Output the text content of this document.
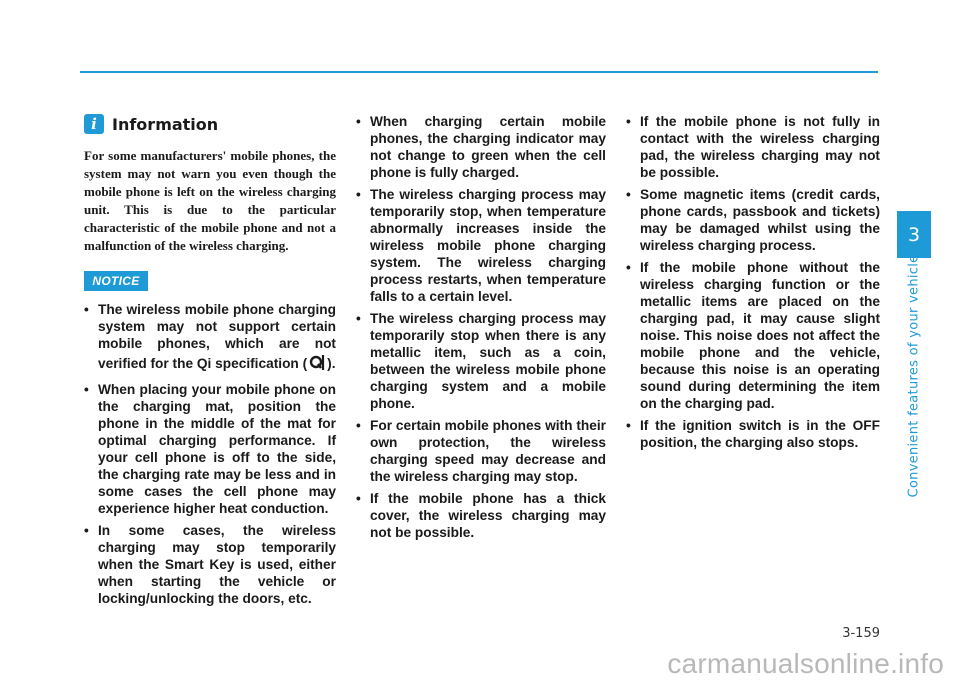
3
Convenient features of your vehicle
i Information
For some manufacturers' mobile phones, the system may not warn you even though the mobile phone is left on the wireless charging unit. This is due to the particular characteristic of the mobile phone and not a malfunction of the wireless charging.
NOTICE
• The wireless mobile phone charging system may not support certain mobile phones, which are not verified for the Qi specification ( ).
• When placing your mobile phone on the charging mat, position the phone in the middle of the mat for optimal charging performance. If your cell phone is off to the side, the charging rate may be less and in some cases the cell phone may experience higher heat conduction.
• In some cases, the wireless charging may stop temporarily when the Smart Key is used, either when starting the vehicle or locking/unlocking the doors, etc.
• When charging certain mobile phones, the charging indicator may not change to green when the cell phone is fully charged.
• The wireless charging process may temporarily stop, when temperature abnormally increases inside the wireless mobile phone charging system. The wireless charging process restarts, when temperature falls to a certain level.
• The wireless charging process may temporarily stop when there is any metallic item, such as a coin, between the wireless mobile phone charging system and a mobile phone.
• For certain mobile phones with their own protection, the wireless charging speed may decrease and the wireless charging may stop.
• If the mobile phone has a thick cover, the wireless charging may not be possible.
• If the mobile phone is not fully in contact with the wireless charging pad, the wireless charging may not be possible.
• Some magnetic items (credit cards, phone cards, passbook and tickets) may be damaged whilst using the wireless charging process.
• If the mobile phone without the wireless charging function or the metallic items are placed on the charging pad, it may cause slight noise. This noise does not affect the mobile phone and the vehicle, because this noise is an operating sound during determining the item on the charging pad.
• If the ignition switch is in the OFF position, the charging also stops.
3-159
carmanualsonline.info
